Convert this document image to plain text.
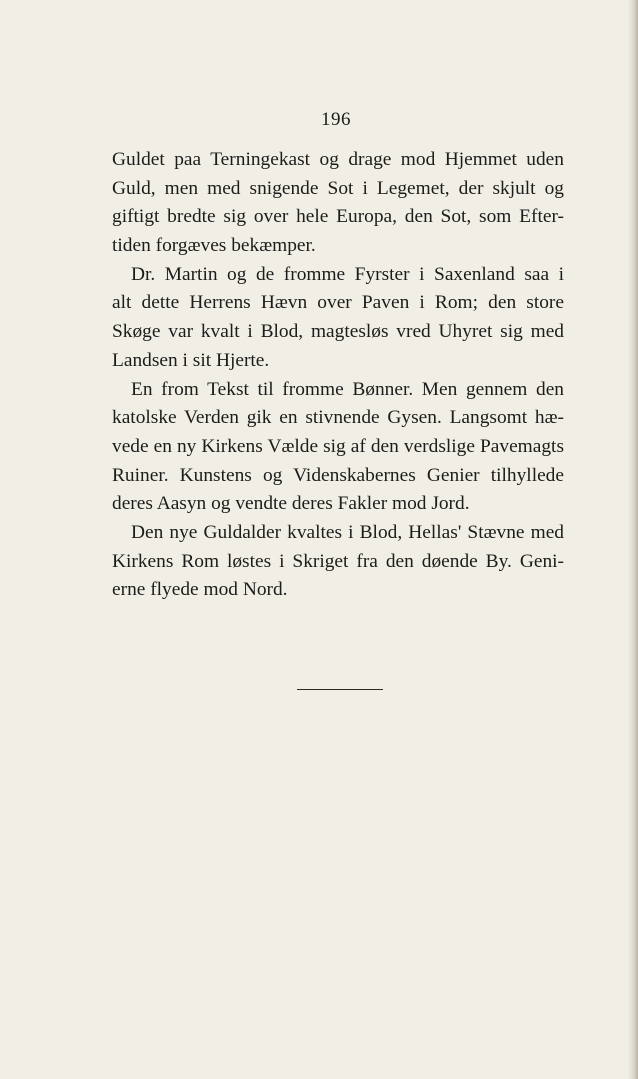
196
Guldet paa Terningekast og drage mod Hjemmet uden
Guld, men med snigende Sot i Legemet, der skjult og
giftigt bredte sig over hele Europa, den Sot, som Efter-
tiden forgæves bekæmper.
Dr. Martin og de fromme Fyrster i Saxenland saa i
alt dette Herrens Hævn over Paven i Rom; den store
Skøge var kvalt i Blod, magtesløs vred Uhyret sig med
Landsen i sit Hjerte.
En from Tekst til fromme Bønner. Men gennem den
katolske Verden gik en stivnende Gysen. Langsomt hæ-
vede en ny Kirkens Vælde sig af den verdslige Pavemagts
Ruiner. Kunstens og Videnskabernes Genier tilhyllede
deres Aasyn og vendte deres Fakler mod Jord.
Den nye Guldalder kvaltes i Blod, Hellas' Stævne med
Kirkens Rom løstes i Skriget fra den døende By. Geni-
erne flyede mod Nord.
